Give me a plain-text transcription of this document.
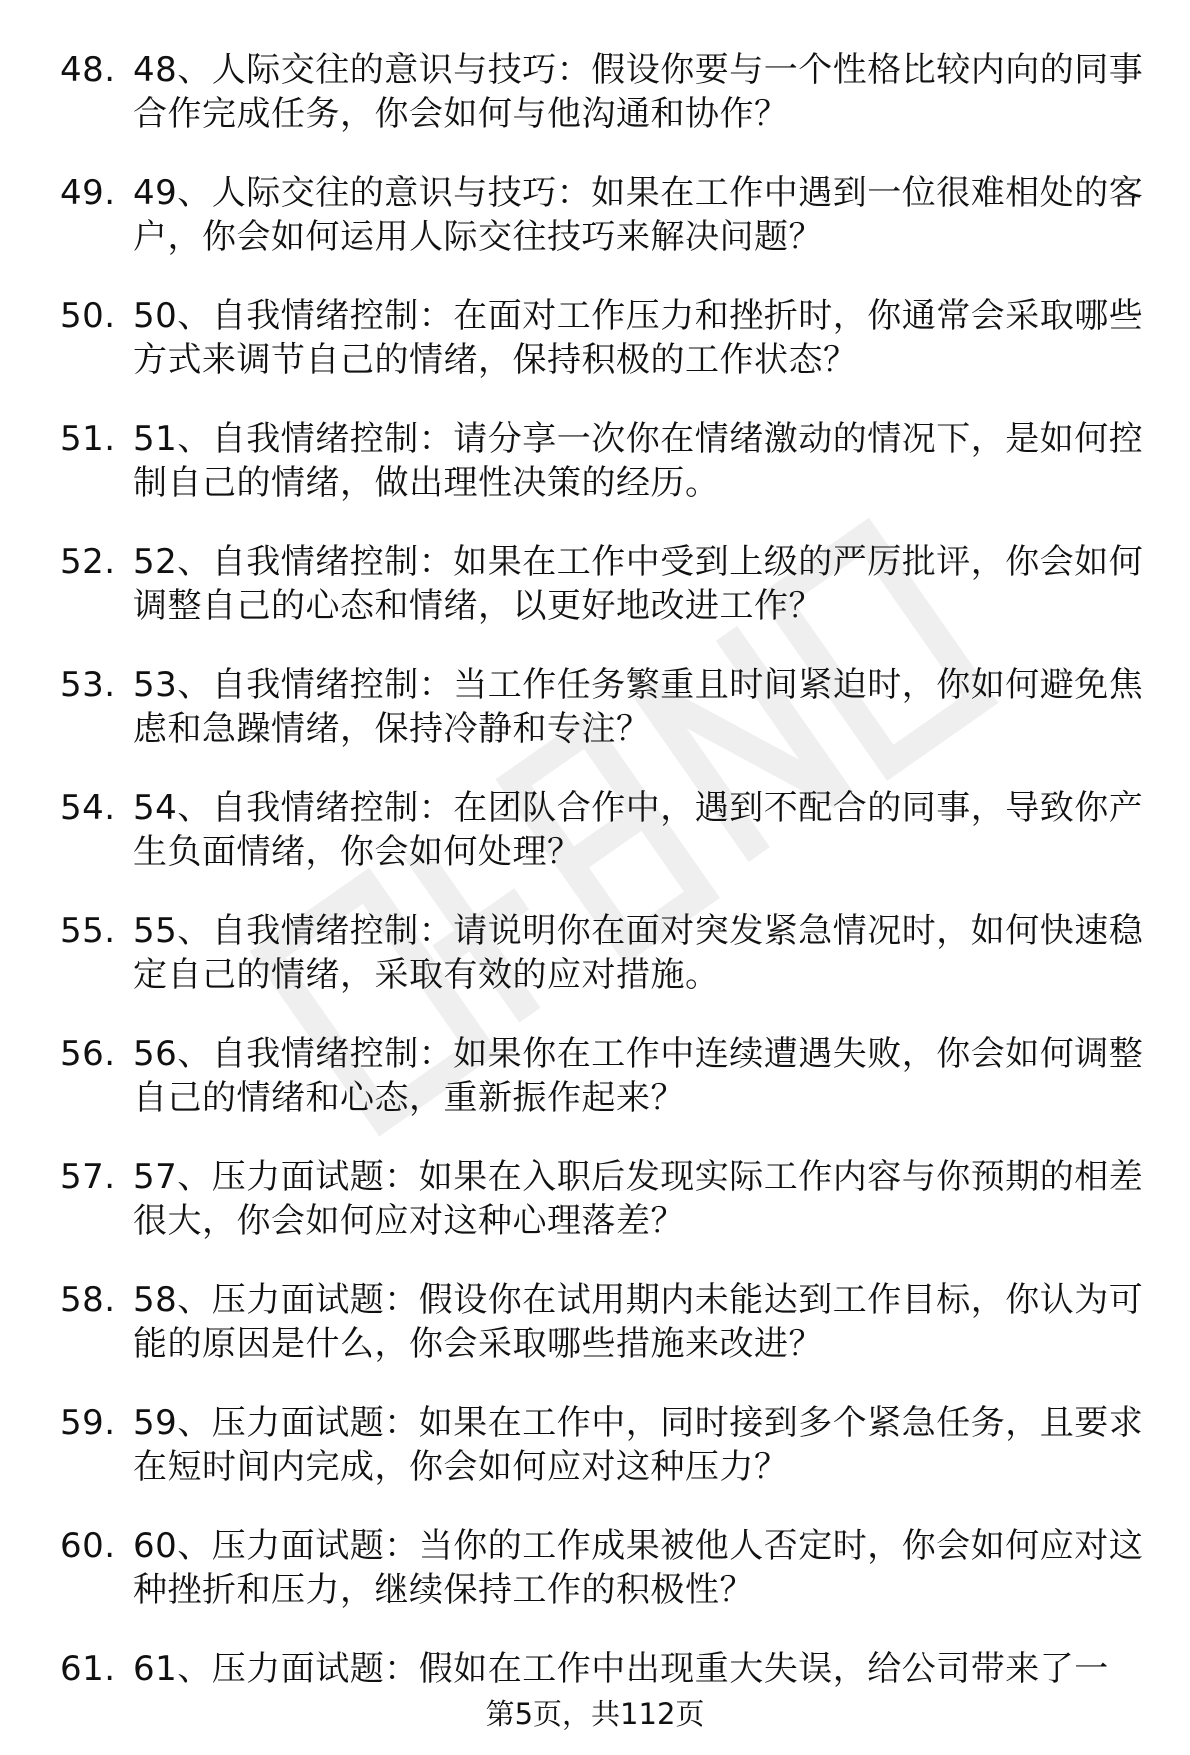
48. 48、人际交往的意识与技巧：假设你要与一个性格比较内向的同事合作完成任务，你会如何与他沟通和协作？
49. 49、人际交往的意识与技巧：如果在工作中遇到一位很难相处的客户，你会如何运用人际交往技巧来解决问题？
50. 50、自我情绪控制：在面对工作压力和挫折时，你通常会采取哪些方式来调节自己的情绪，保持积极的工作状态？
51. 51、自我情绪控制：请分享一次你在情绪激动的情况下，是如何控制自己的情绪，做出理性决策的经历。
52. 52、自我情绪控制：如果在工作中受到上级的严厉批评，你会如何调整自己的心态和情绪，以更好地改进工作？
53. 53、自我情绪控制：当工作任务繁重且时间紧迫时，你如何避免焦虑和急躁情绪，保持冷静和专注？
54. 54、自我情绪控制：在团队合作中，遇到不配合的同事，导致你产生负面情绪，你会如何处理？
55. 55、自我情绪控制：请说明你在面对突发紧急情况时，如何快速稳定自己的情绪，采取有效的应对措施。
56. 56、自我情绪控制：如果你在工作中连续遭遇失败，你会如何调整自己的情绪和心态，重新振作起来？
57. 57、压力面试题：如果在入职后发现实际工作内容与你预期的相差很大，你会如何应对这种心理落差？
58. 58、压力面试题：假设你在试用期内未能达到工作目标，你认为可能的原因是什么，你会采取哪些措施来改进？
59. 59、压力面试题：如果在工作中，同时接到多个紧急任务，且要求在短时间内完成，你会如何应对这种压力？
60. 60、压力面试题：当你的工作成果被他人否定时，你会如何应对这种挫折和压力，继续保持工作的积极性？
61. 61、压力面试题：假如在工作中出现重大失误，给公司带来了一
第5页，共112页
